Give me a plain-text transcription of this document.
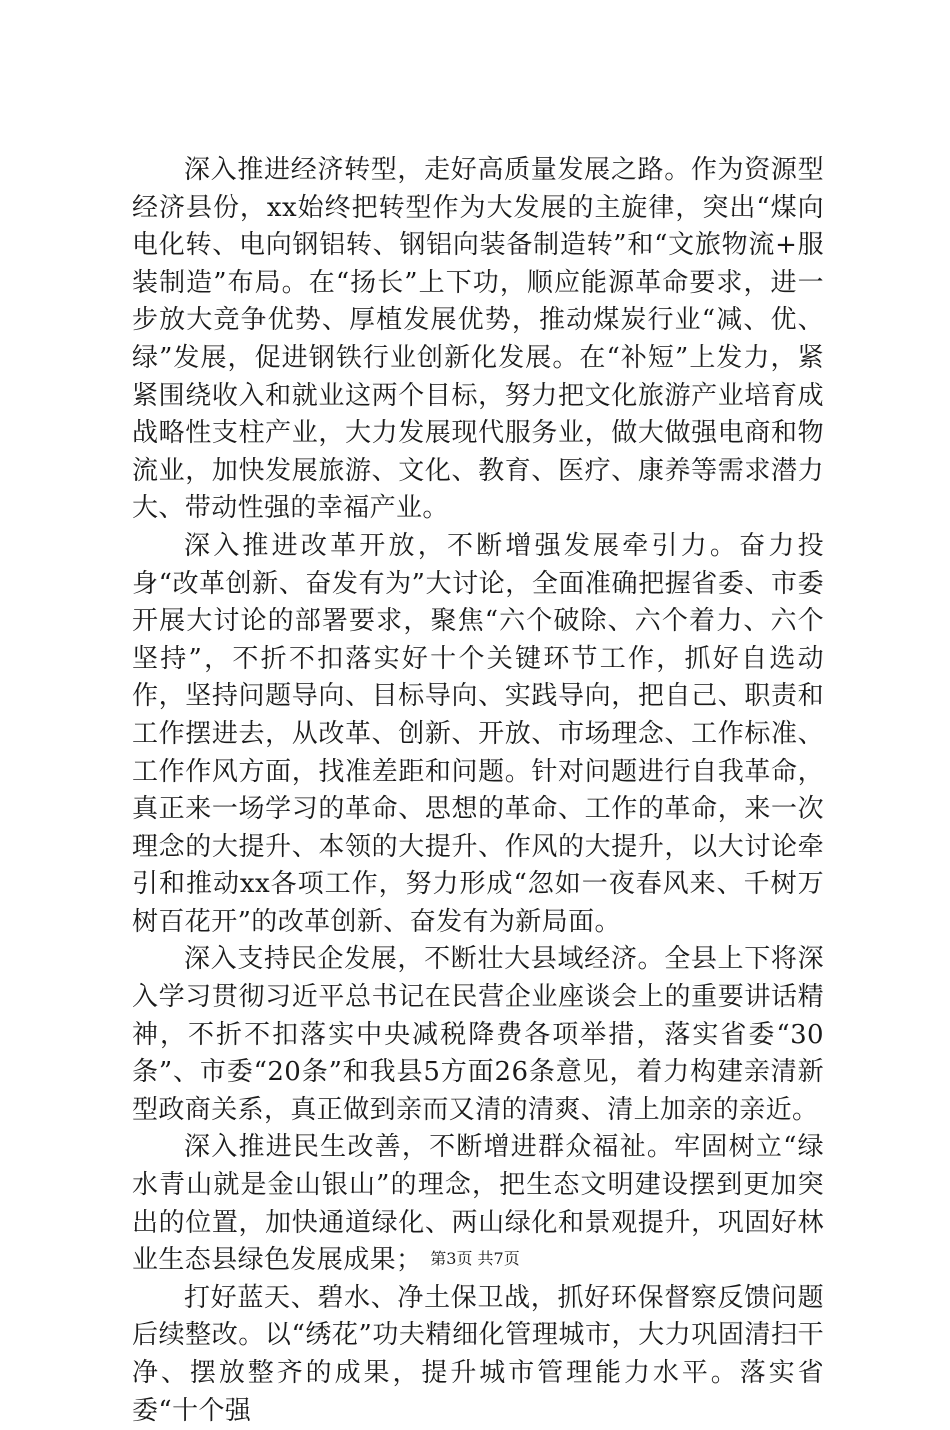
深入推进经济转型，走好高质量发展之路。作为资源型经济县份，xx始终把转型作为大发展的主旋律，突出“煤向电化转、电向钢铝转、钢铝向装备制造转”和“文旅物流+服装制造”布局。在“扬长”上下功，顺应能源革命要求，进一步放大竞争优势、厚植发展优势，推动煤炭行业“减、优、绿”发展，促进钢铁行业创新化发展。在“补短”上发力，紧紧围绕收入和就业这两个目标，努力把文化旅游产业培育成战略性支柱产业，大力发展现代服务业，做大做强电商和物流业，加快发展旅游、文化、教育、医疗、康养等需求潜力大、带动性强的幸福产业。

深入推进改革开放，不断增强发展牵引力。奋力投身“改革创新、奋发有为”大讨论，全面准确把握省委、市委开展大讨论的部署要求，聚焦“六个破除、六个着力、六个坚持”，不折不扣落实好十个关键环节工作，抓好自选动作，坚持问题导向、目标导向、实践导向，把自己、职责和工作摆进去，从改革、创新、开放、市场理念、工作标准、工作作风方面，找准差距和问题。针对问题进行自我革命，真正来一场学习的革命、思想的革命、工作的革命，来一次理念的大提升、本领的大提升、作风的大提升，以大讨论牵引和推动xx各项工作，努力形成“忽如一夜春风来、千树万树百花开”的改革创新、奋发有为新局面。

深入支持民企发展，不断壮大县域经济。全县上下将深入学习贯彻习近平总书记在民营企业座谈会上的重要讲话精神，不折不扣落实中央减税降费各项举措，落实省委“30条”、市委“20条”和我县5方面26条意见，着力构建亲清新型政商关系，真正做到亲而又清的清爽、清上加亲的亲近。

深入推进民生改善，不断增进群众福祉。牢固树立“绿水青山就是金山银山”的理念，把生态文明建设摆到更加突出的位置，加快通道绿化、两山绿化和景观提升，巩固好林业生态县绿色发展成果；

打好蓝天、碧水、净土保卫战，抓好环保督察反馈问题后续整改。以“绣花”功夫精细化管理城市，大力巩固清扫干净、摆放整齐的成果，提升城市管理能力水平。落实省委“十个强

第3页 共7页
